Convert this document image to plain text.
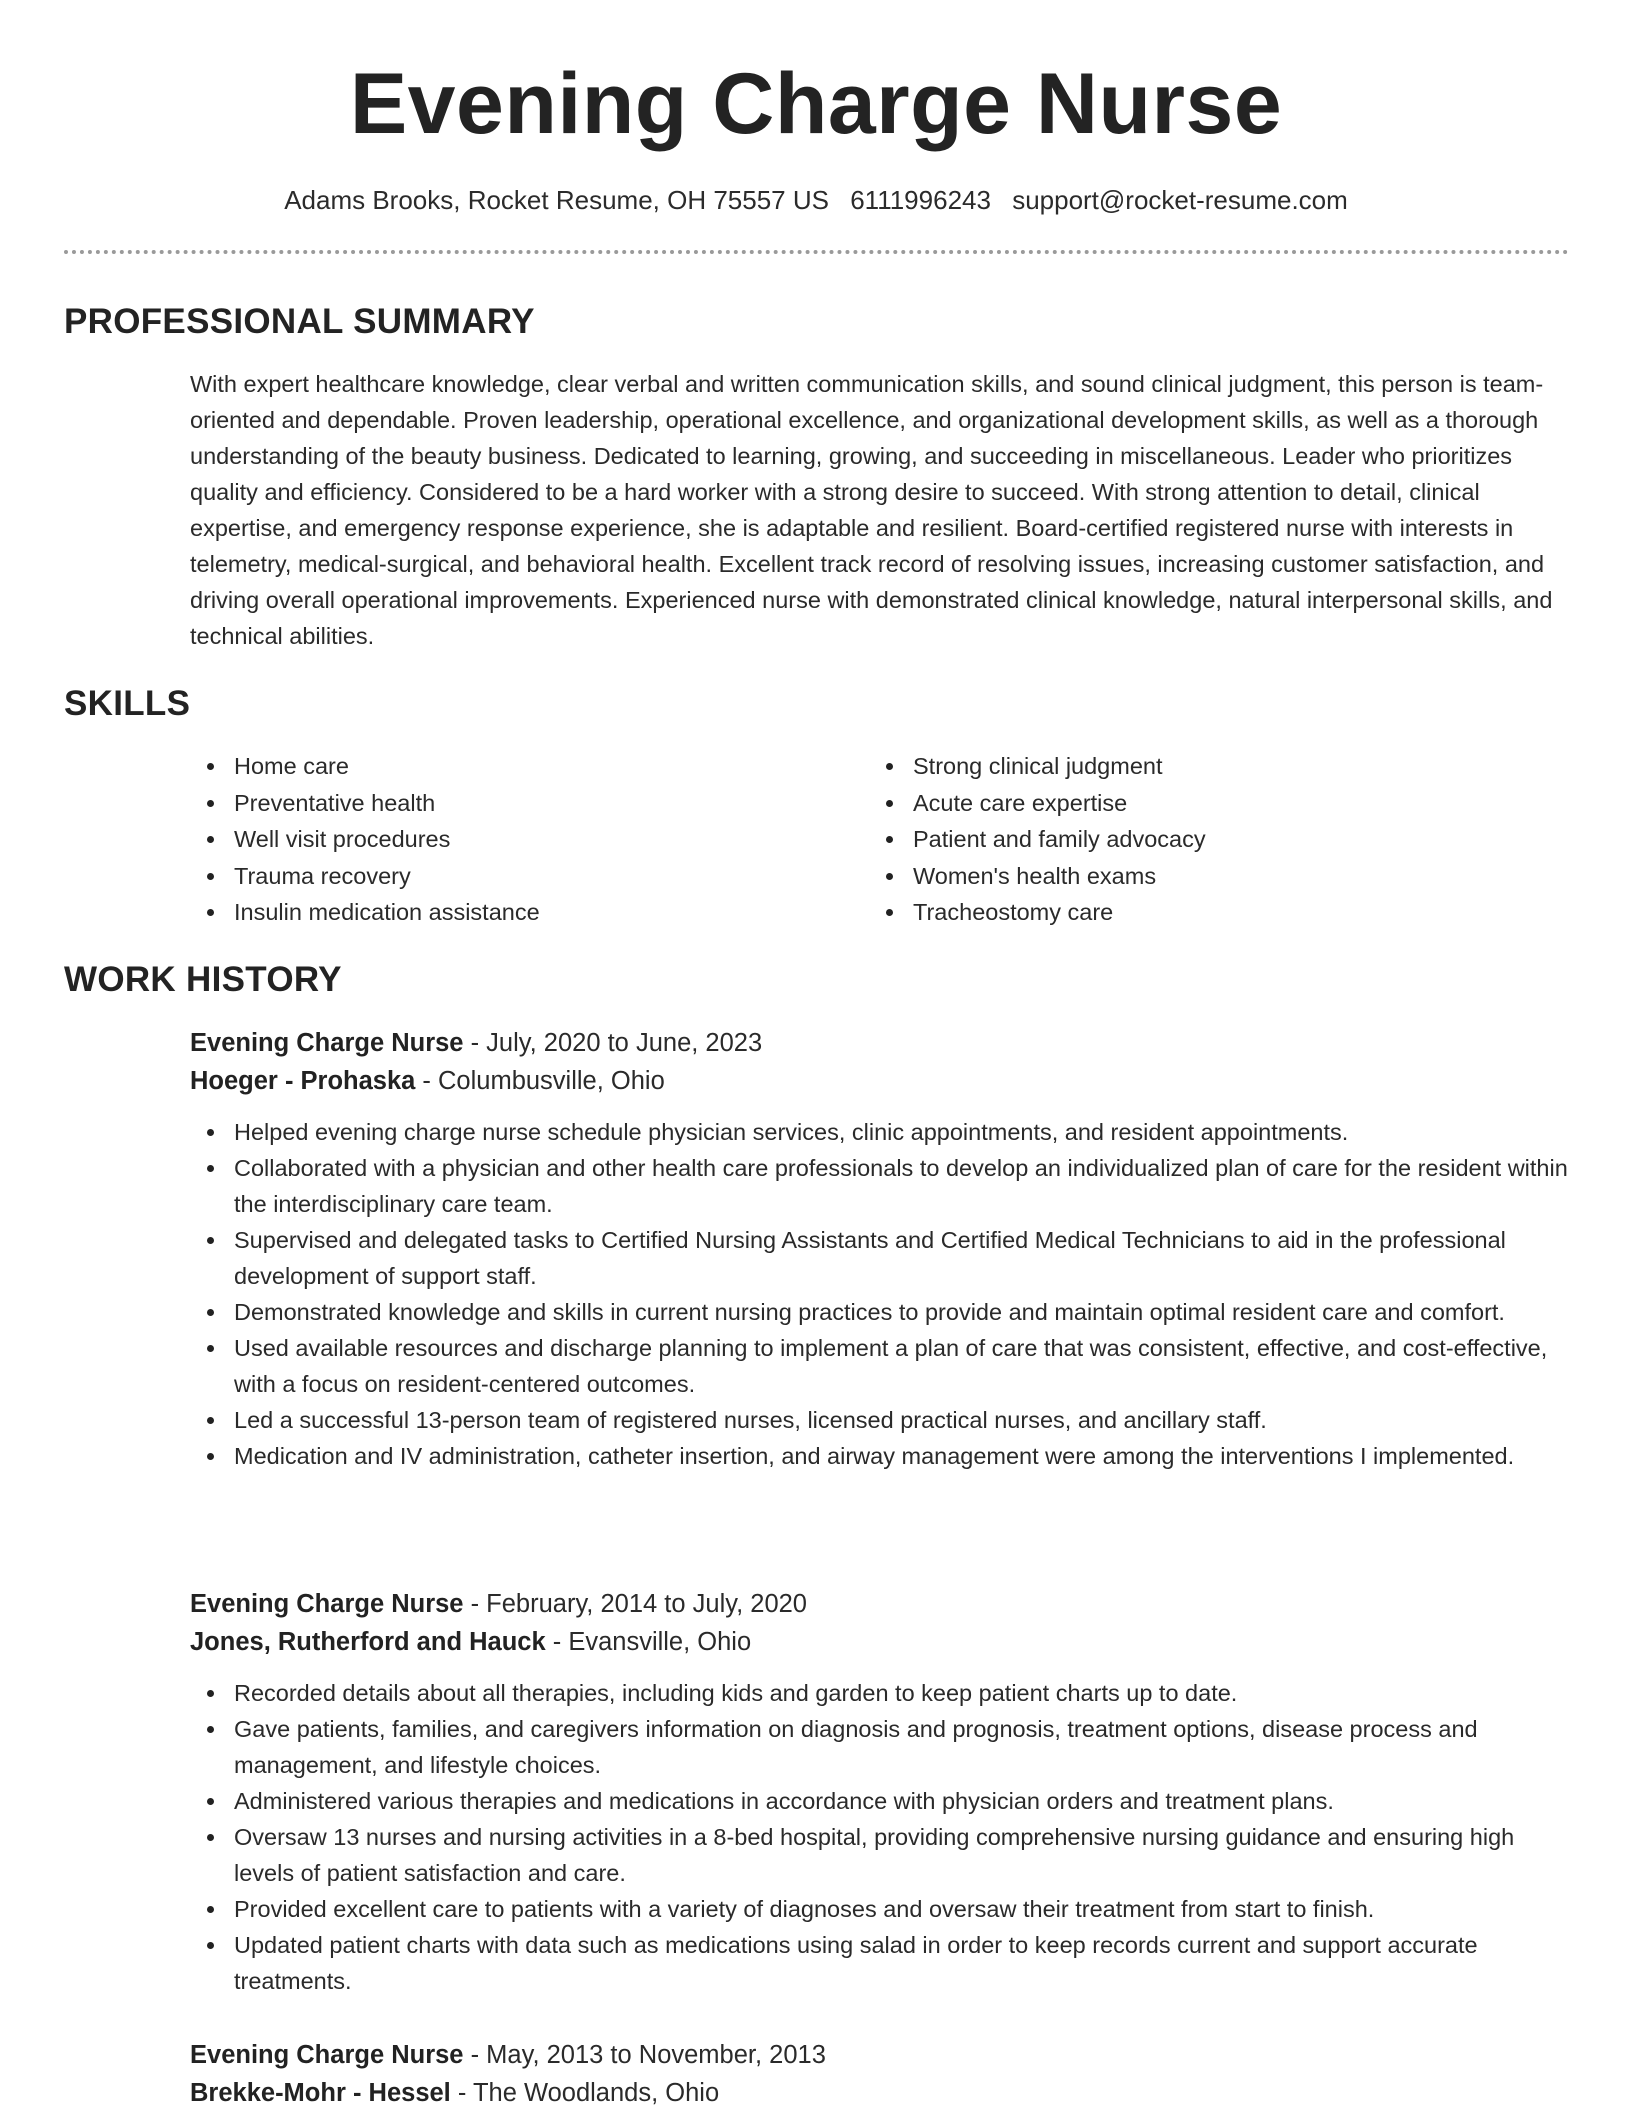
Evening Charge Nurse
Adams Brooks, Rocket Resume, OH 75557 US 6111996243 support@rocket-resume.com
PROFESSIONAL SUMMARY

With expert healthcare knowledge, clear verbal and written communication skills, and sound clinical judgment, this person is team-oriented and dependable. Proven leadership, operational excellence, and organizational development skills, as well as a thorough understanding of the beauty business. Dedicated to learning, growing, and succeeding in miscellaneous. Leader who prioritizes quality and efficiency. Considered to be a hard worker with a strong desire to succeed. With strong attention to detail, clinical expertise, and emergency response experience, she is adaptable and resilient. Board-certified registered nurse with interests in telemetry, medical-surgical, and behavioral health. Excellent track record of resolving issues, increasing customer satisfaction, and driving overall operational improvements. Experienced nurse with demonstrated clinical knowledge, natural interpersonal skills, and technical abilities.

SKILLS
Home care
Preventative health
Well visit procedures
Trauma recovery
Insulin medication assistance
Strong clinical judgment
Acute care expertise
Patient and family advocacy
Women's health exams
Tracheostomy care
WORK HISTORY
Evening Charge Nurse - July, 2020 to June, 2023
Hoeger - Prohaska - Columbusville, Ohio
Helped evening charge nurse schedule physician services, clinic appointments, and resident appointments.
Collaborated with a physician and other health care professionals to develop an individualized plan of care for the resident within the interdisciplinary care team.
Supervised and delegated tasks to Certified Nursing Assistants and Certified Medical Technicians to aid in the professional development of support staff.
Demonstrated knowledge and skills in current nursing practices to provide and maintain optimal resident care and comfort.
Used available resources and discharge planning to implement a plan of care that was consistent, effective, and cost-effective, with a focus on resident-centered outcomes.
Led a successful 13-person team of registered nurses, licensed practical nurses, and ancillary staff.
Medication and IV administration, catheter insertion, and airway management were among the interventions I implemented.
Evening Charge Nurse - February, 2014 to July, 2020
Jones, Rutherford and Hauck - Evansville, Ohio
Recorded details about all therapies, including kids and garden to keep patient charts up to date.
Gave patients, families, and caregivers information on diagnosis and prognosis, treatment options, disease process and management, and lifestyle choices.
Administered various therapies and medications in accordance with physician orders and treatment plans.
Oversaw 13 nurses and nursing activities in a 8-bed hospital, providing comprehensive nursing guidance and ensuring high levels of patient satisfaction and care.
Provided excellent care to patients with a variety of diagnoses and oversaw their treatment from start to finish.
Updated patient charts with data such as medications using salad in order to keep records current and support accurate treatments.
Evening Charge Nurse - May, 2013 to November, 2013
Brekke-Mohr - Hessel - The Woodlands, Ohio
